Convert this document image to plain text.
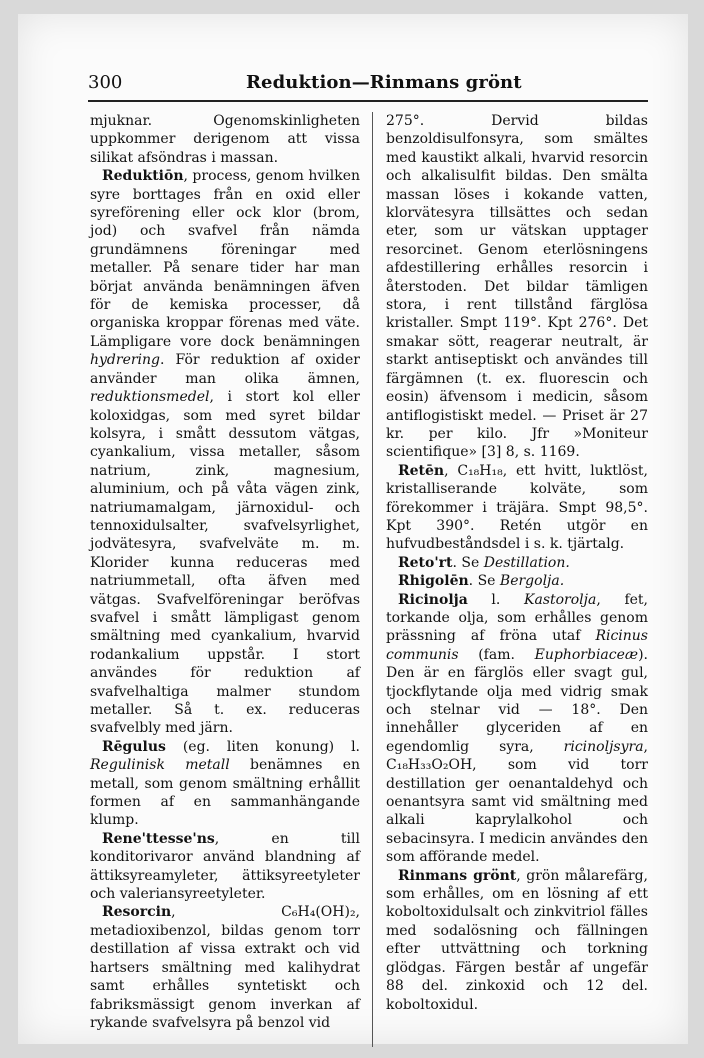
300	Reduktion—Rinmans grönt

mjuknar. Ogenomskinligheten uppkommer derigenom att vissa silikat afsöndras i massan.

Reduktiōn, process, genom hvilken syre borttages från en oxid eller syreförening eller ock klor (brom, jod) och svafvel från nämda grundämnens föreningar med metaller. På senare tider har man börjat använda benämningen äfven för de kemiska processer, då organiska kroppar förenas med väte. Lämpligare vore dock benämningen hydrering. För reduktion af oxider använder man olika ämnen, reduktionsmedel, i stort kol eller koloxidgas, som med syret bildar kolsyra, i smått dessutom vätgas, cyankalium, vissa metaller, såsom natrium, zink, magnesium, aluminium, och på våta vägen zink, natriumamalgam, järnoxidul- och tennoxidulsalter, svafvelsyrlighet, jodvätesyra, svafvelväte m. m. Klorider kunna reduceras med natriummetall, ofta äfven med vätgas. Svafvelföreningar beröfvas svafvel i smått lämpligast genom smältning med cyankalium, hvarvid rodankalium uppstår. I stort användes för reduktion af svafvelhaltiga malmer stundom metaller. Så t. ex. reduceras svafvelbly med järn.

Rēgulus (eg. liten konung) l. Regulinisk metall benämnes en metall, som genom smältning erhållit formen af en sammanhängande klump.

Rene'ttesse'ns, en till konditorivaror använd blandning af ättiksyreamyleter, ättiksyreetyleter och valeriansyreetyleter.

Resorcin, C₆H₄(OH)₂, metadioxibenzol, bildas genom torr destillation af vissa extrakt och vid hartsers smältning med kalihydrat samt erhålles syntetiskt och fabriksmässigt genom inverkan af rykande svafvelsyra på benzol vid

275°. Dervid bildas benzoldisulfonsyra, som smältes med kaustikt alkali, hvarvid resorcin och alkalisulfit bildas. Den smälta massan löses i kokande vatten, klorvätesyra tillsättes och sedan eter, som ur vätskan upptager resorcinet. Genom eterlösningens afdestillering erhålles resorcin i återstoden. Det bildar tämligen stora, i rent tillstånd färglösa kristaller. Smpt 119°. Kpt 276°. Det smakar sött, reagerar neutralt, är starkt antiseptiskt och användes till färgämnen (t. ex. fluorescin och eosin) äfvensom i medicin, såsom antiflogistiskt medel. — Priset är 27 kr. per kilo. Jfr »Moniteur scientifique» [3] 8, s. 1169.

Retēn, C₁₈H₁₈, ett hvitt, luktlöst, kristalliserande kolväte, som förekommer i träjära. Smpt 98,5°. Kpt 390°. Retén utgör en hufvudbeståndsdel i s. k. tjärtalg.

Reto'rt. Se Destillation.

Rhigolēn. Se Bergolja.

Ricinolja l. Kastorolja, fet, torkande olja, som erhålles genom prässning af fröna utaf Ricinus communis (fam. Euphorbiaceæ). Den är en färglös eller svagt gul, tjockflytande olja med vidrig smak och stelnar vid — 18°. Den innehåller glyceriden af en egendomlig syra, ricinoljsyra, C₁₈H₃₃O₂OH, som vid torr destillation ger oenantaldehyd och oenantsyra samt vid smältning med alkali kaprylalkohol och sebacinsyra. I medicin användes den som afförande medel.

Rinmans grönt, grön målarefärg, som erhålles, om en lösning af ett koboltoxidulsalt och zinkvitriol fälles med sodalösning och fällningen efter uttvättning och torkning glödgas. Färgen består af ungefär 88 del. zinkoxid och 12 del. koboltoxidul.
